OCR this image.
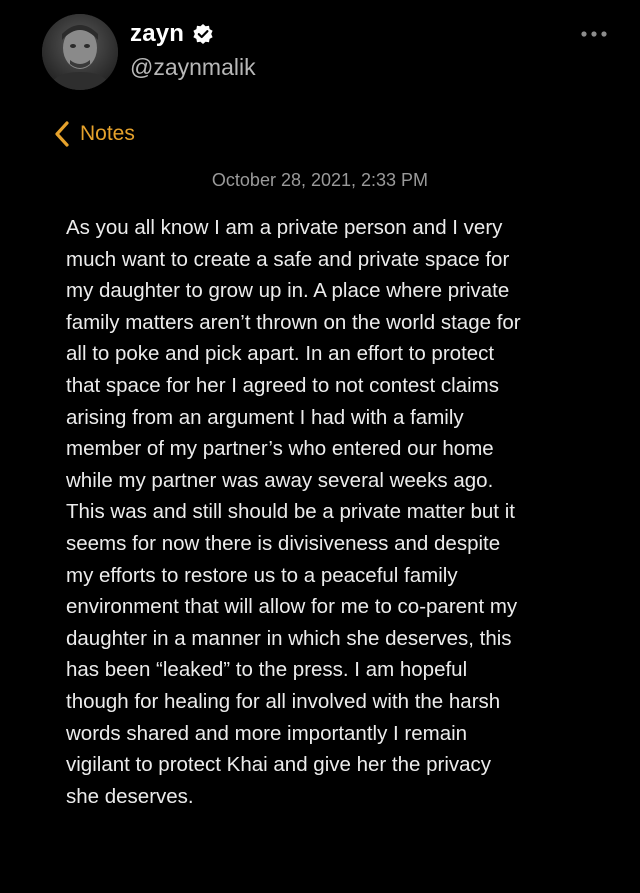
zayn
@zaynmalik
Notes
October 28, 2021, 2:33 PM
As you all know I am a private person and I very
much want to create a safe and private space for
my daughter to grow up in. A place where private
family matters aren’t thrown on the world stage for
all to poke and pick apart. In an effort to protect
that space for her I agreed to not contest claims
arising from an argument I had with a family
member of my partner’s who entered our home
while my partner was away several weeks ago.
This was and still should be a private matter but it
seems for now there is divisiveness and despite
my efforts to restore us to a peaceful family
environment that will allow for me to co-parent my
daughter in a manner in which she deserves, this
has been “leaked” to the press. I am hopeful
though for healing for all involved with the harsh
words shared and more importantly I remain
vigilant to protect Khai and give her the privacy
she deserves.
